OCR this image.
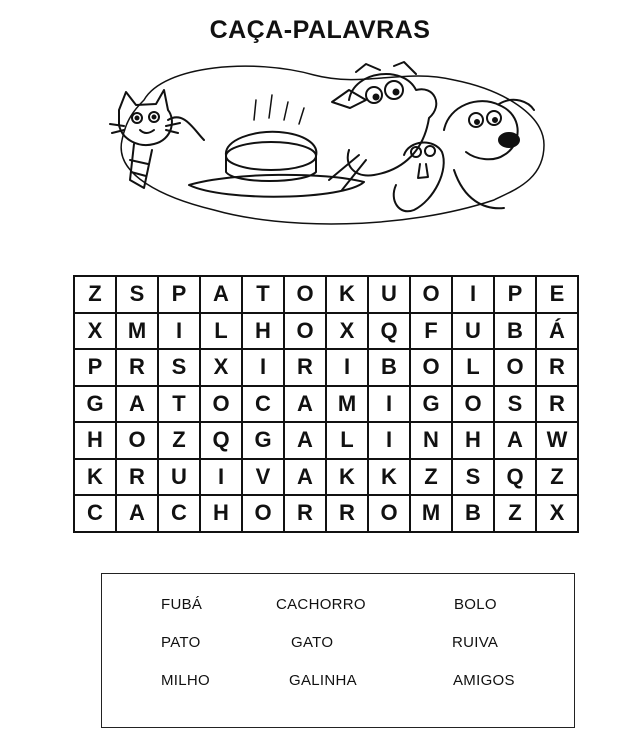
CAÇA-PALAVRAS
Z	S	P	A	T	O	K	U	O	I	P	E
X	M	I	L	H	O	X	Q	F	U	B	Á
P	R	S	X	I	R	I	B	O	L	O	R
G	A	T	O	C	A	M	I	G	O	S	R
H	O	Z	Q	G	A	L	I	N	H	A	W
K	R	U	I	V	A	K	K	Z	S	Q	Z
C	A	C	H	O	R	R	O	M	B	Z	X
FUBÁ	CACHORRO	BOLO
PATO	GATO	RUIVA
MILHO	GALINHA	AMIGOS
